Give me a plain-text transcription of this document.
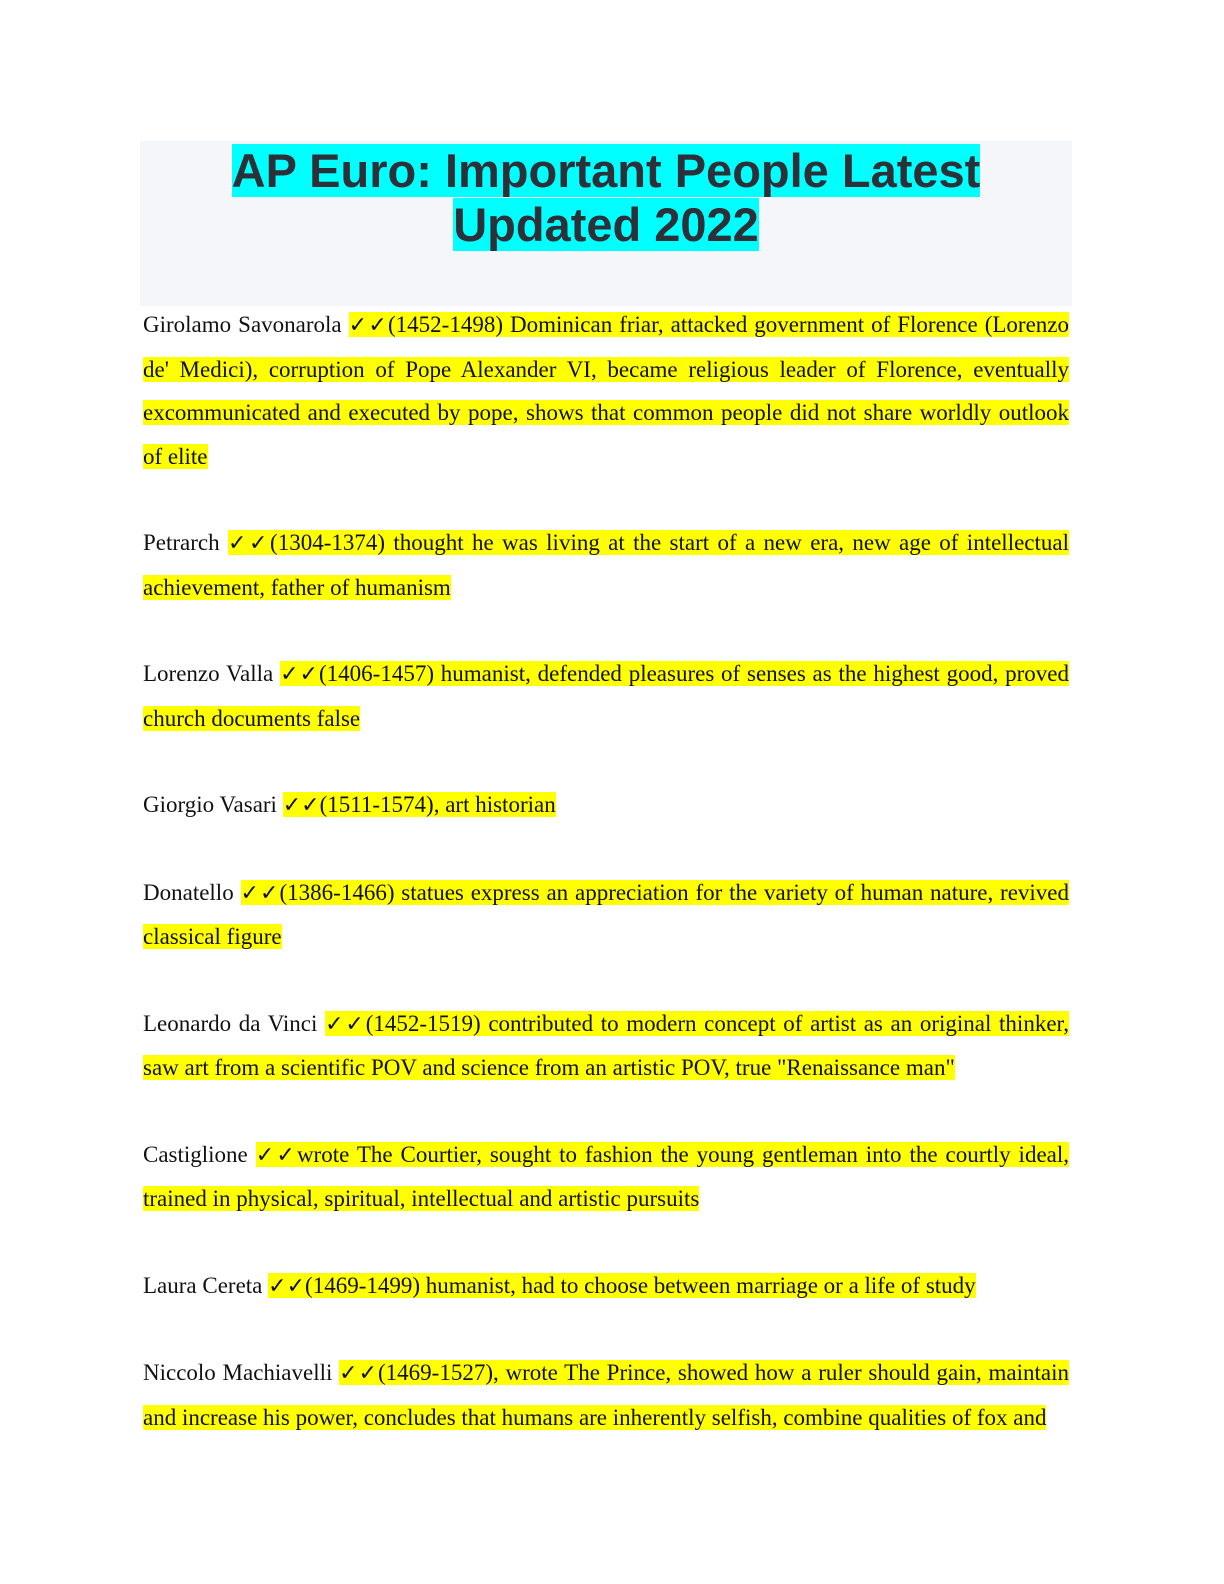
AP Euro: Important People Latest
Updated 2022

Girolamo Savonarola ✓✓(1452-1498) Dominican friar, attacked government of Florence (Lorenzo de' Medici), corruption of Pope Alexander VI, became religious leader of Florence, eventually excommunicated and executed by pope, shows that common people did not share worldly outlook of elite

Petrarch ✓✓(1304-1374) thought he was living at the start of a new era, new age of intellectual achievement, father of humanism

Lorenzo Valla ✓✓(1406-1457) humanist, defended pleasures of senses as the highest good, proved church documents false

Giorgio Vasari ✓✓(1511-1574), art historian

Donatello ✓✓(1386-1466) statues express an appreciation for the variety of human nature, revived classical figure

Leonardo da Vinci ✓✓(1452-1519) contributed to modern concept of artist as an original thinker, saw art from a scientific POV and science from an artistic POV, true "Renaissance man"

Castiglione ✓✓wrote The Courtier, sought to fashion the young gentleman into the courtly ideal, trained in physical, spiritual, intellectual and artistic pursuits

Laura Cereta ✓✓(1469-1499) humanist, had to choose between marriage or a life of study

Niccolo Machiavelli ✓✓(1469-1527), wrote The Prince, showed how a ruler should gain, maintain and increase his power, concludes that humans are inherently selfish, combine qualities of fox and
